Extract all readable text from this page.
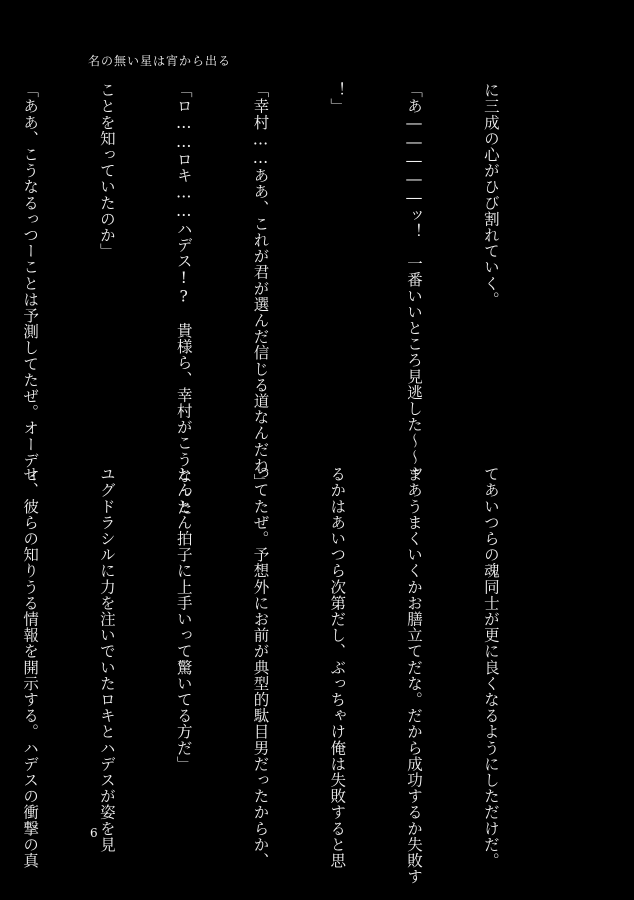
名の無い星は宵から出る

に三成の心がひび割れていく。

「あ―――――ッ！　一番いいところ見逃した～～ッ

！」

「幸村……ああ、これが君が選んだ信じる道なんだね」

「ロ……ロキ……ハデス!?　貴様ら、幸村がこうなった

ことを知っていたのか」

「ああ、こうなるっつーことは予測してたぜ。オーディ

てあいつらの魂同士が更に良くなるようにしただけだ。

まあうまくいくかお膳立てだな。だから成功するか失敗す

るかはあいつら次第だし、ぶっちゃけ俺は失敗すると思

ってたぜ。予想外にお前が典型的駄目男だったからか、

とんとん拍子に上手いって驚いてる方だ」

ユグドラシルに力を注いでいたロキとハデスが姿を見

せ、彼らの知りうる情報を開示する。ハデスの衝撃の真

	6
